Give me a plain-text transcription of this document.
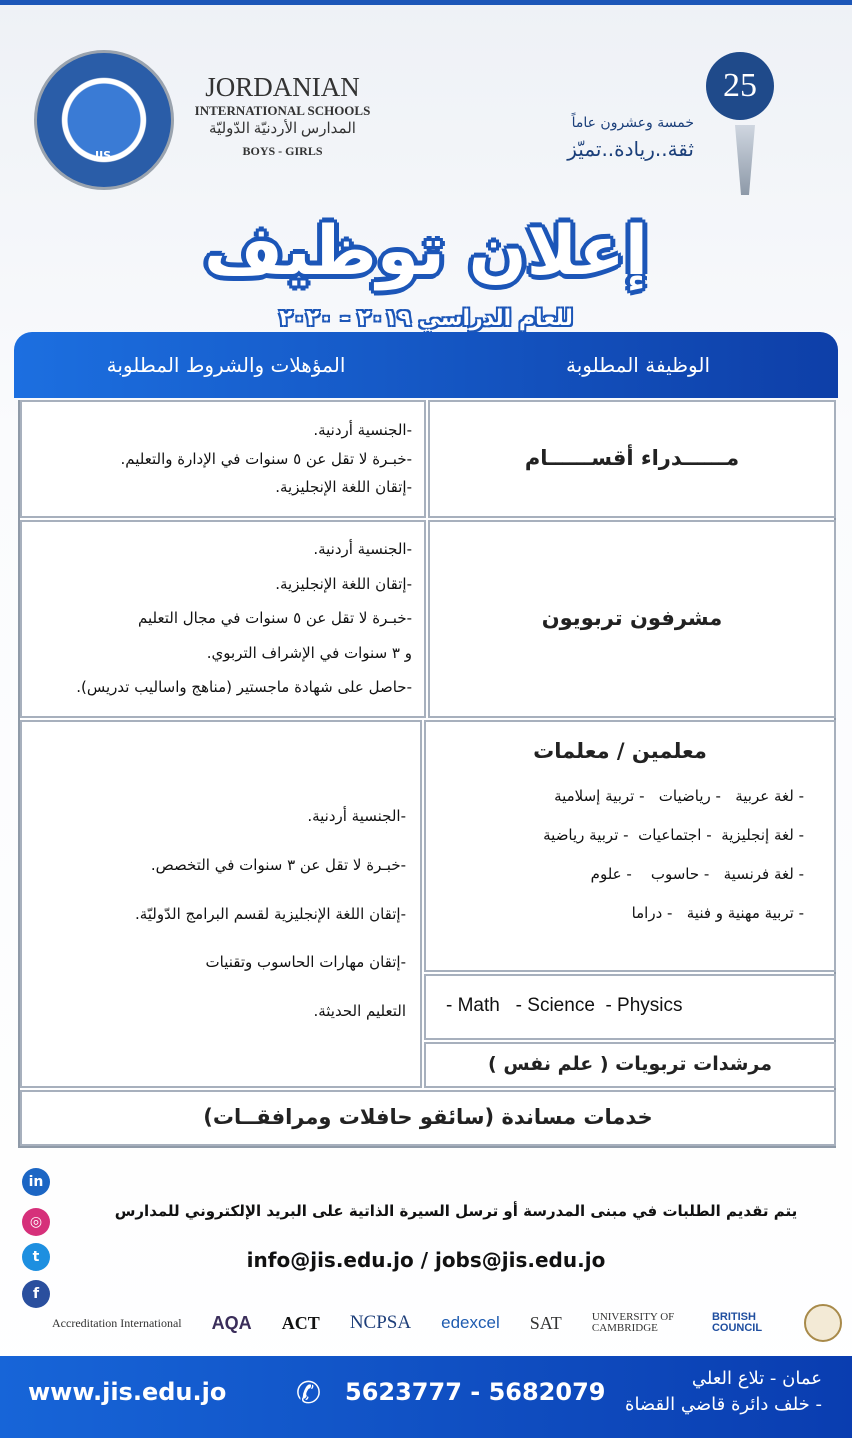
JIS
JORDANIAN
INTERNATIONAL SCHOOLS
المدارس الأردنيّة الدّوليّة
BOYS - GIRLS
25
خمسة وعشرون عاماً
ثقة..ريادة..تميّز
إعلان توظيف
للعام الدراسي ٢٠١٩ - ٢٠٢٠
الوظيفة المطلوبة
المؤهلات والشروط المطلوبة
مــــــدراء أقســــــام
-الجنسية أردنية.
-خبـرة لا تقل عن ٥ سنوات في الإدارة والتعليم.
-إتقان اللغة الإنجليزية.
مشرفون تربويون
-الجنسية أردنية.
-إتقان اللغة الإنجليزية.
-خبـرة لا تقل عن ٥ سنوات في مجال التعليم
و ٣ سنوات في الإشراف التربوي.
-حاصل على شهادة ماجستير (مناهج واساليب تدريس).
معلمين / معلمات
- لغة عربية   - رياضيات   - تربية إسلامية
- لغة إنجليزية  - اجتماعيات  - تربية رياضية
- لغة فرنسية   - حاسوب    - علوم
- تربية مهنية و فنية   - دراما
- Math   - Science  - Physics
مرشدات تربويات ( علم نفس )
-الجنسية أردنية.
-خبـرة لا تقل عن ٣ سنوات في التخصص.
-إتقان اللغة الإنجليزية لقسم البرامج الدّوليّة.
-إتقان مهارات الحاسوب وتقنيات
التعليم الحديثة.
خدمات مساندة (سائقو حافلات ومرافقــات)
in
◎
t
f
يتم تقديم الطلبات في مبنى المدرسة أو ترسل السيرة الذاتية على البريد الإلكتروني للمدارس
info@jis.edu.jo / jobs@jis.edu.jo
Accreditation International AQA ACT NCPSA edexcel SAT	UNIVERSITY OF CAMBRIDGE
BRITISH COUNCIL
www.jis.edu.jo ✆ 5623777 - 5682079	عمان - تلاع العلي
- خلف دائرة قاضي القضاة
